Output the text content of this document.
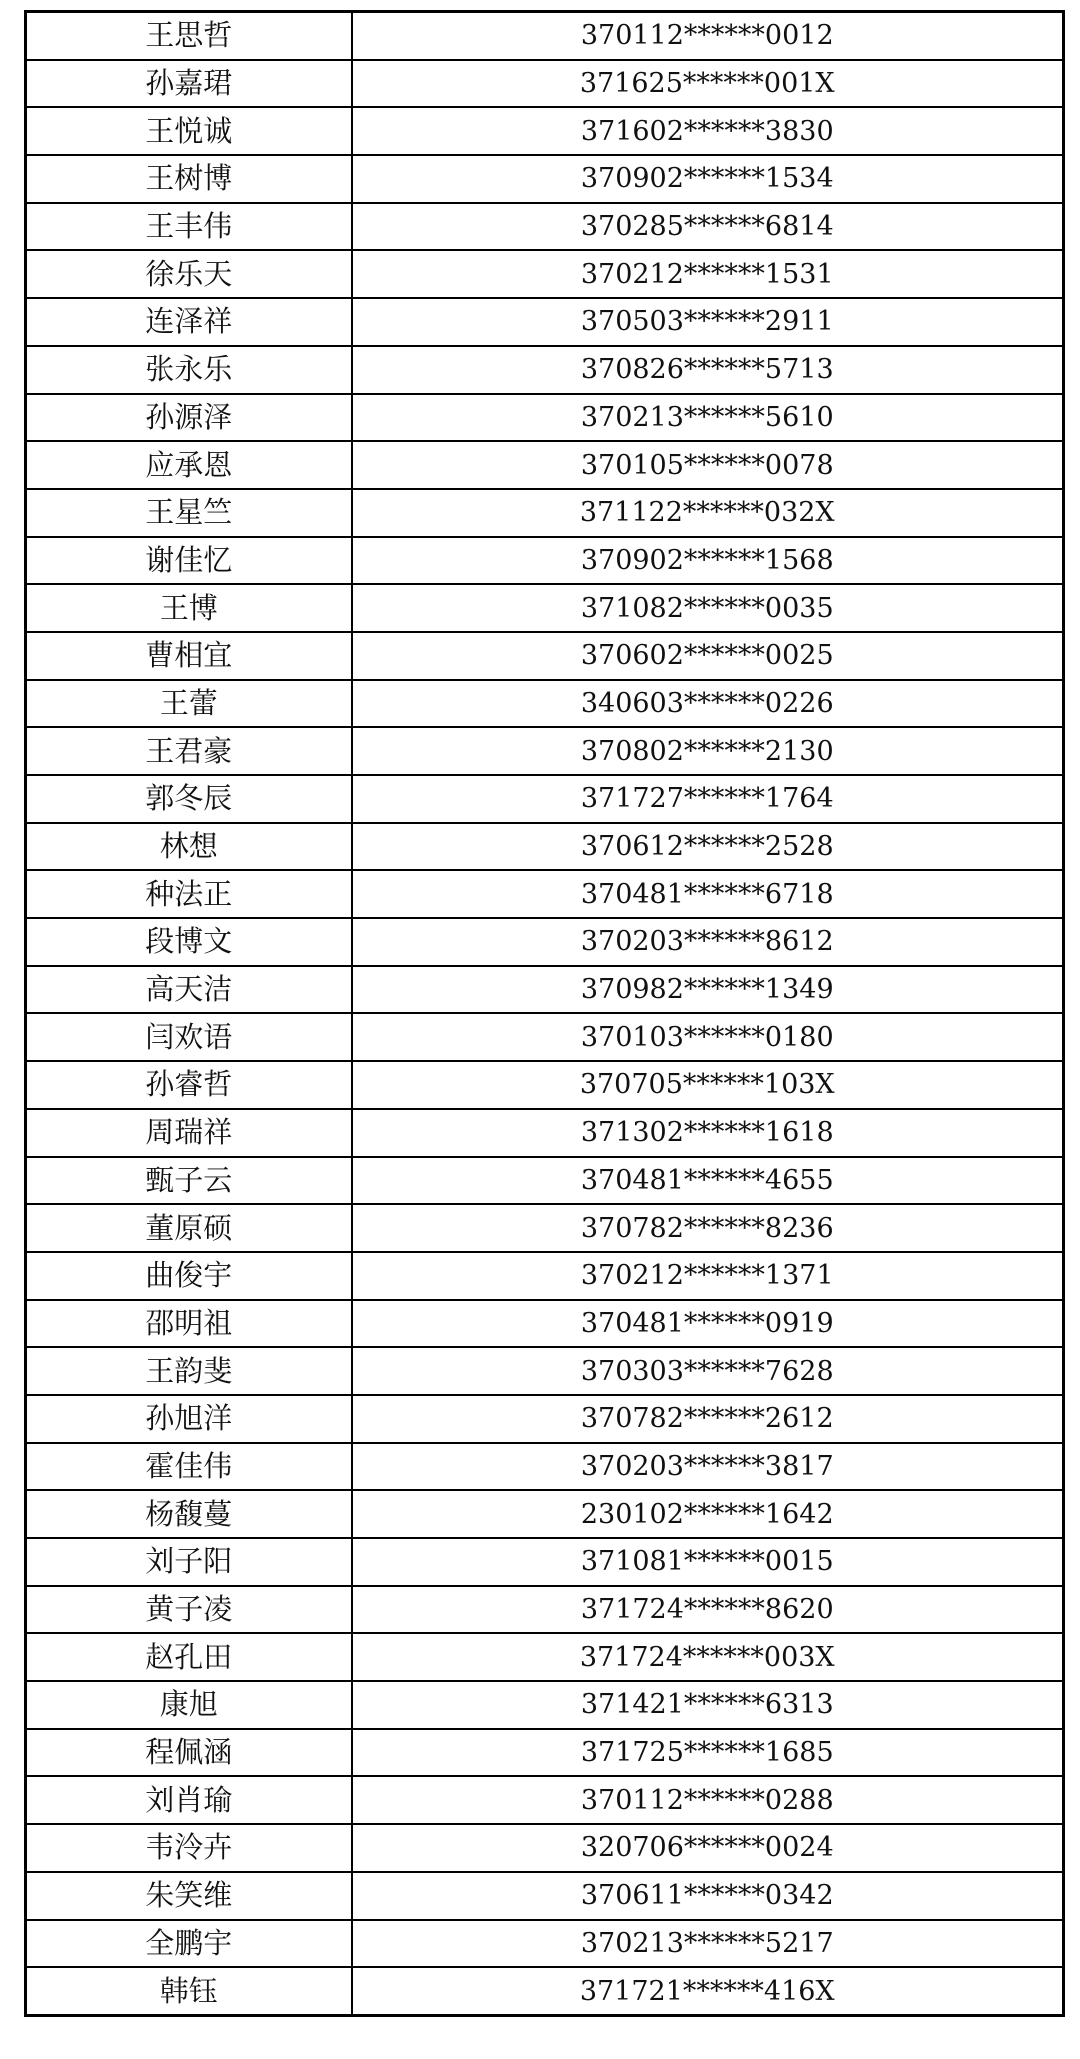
王思哲	370112******0012
孙嘉珺	371625******001X
王悦诚	371602******3830
王树博	370902******1534
王丰伟	370285******6814
徐乐天	370212******1531
连泽祥	370503******2911
张永乐	370826******5713
孙源泽	370213******5610
应承恩	370105******0078
王星竺	371122******032X
谢佳忆	370902******1568
王博	371082******0035
曹相宜	370602******0025
王蕾	340603******0226
王君豪	370802******2130
郭冬辰	371727******1764
林想	370612******2528
种法正	370481******6718
段博文	370203******8612
高天洁	370982******1349
闫欢语	370103******0180
孙睿哲	370705******103X
周瑞祥	371302******1618
甄子云	370481******4655
董原硕	370782******8236
曲俊宇	370212******1371
邵明祖	370481******0919
王韵斐	370303******7628
孙旭洋	370782******2612
霍佳伟	370203******3817
杨馥蔓	230102******1642
刘子阳	371081******0015
黄子凌	371724******8620
赵孔田	371724******003X
康旭	371421******6313
程佩涵	371725******1685
刘肖瑜	370112******0288
韦泠卉	320706******0024
朱笑维	370611******0342
全鹏宇	370213******5217
韩钰	371721******416X
